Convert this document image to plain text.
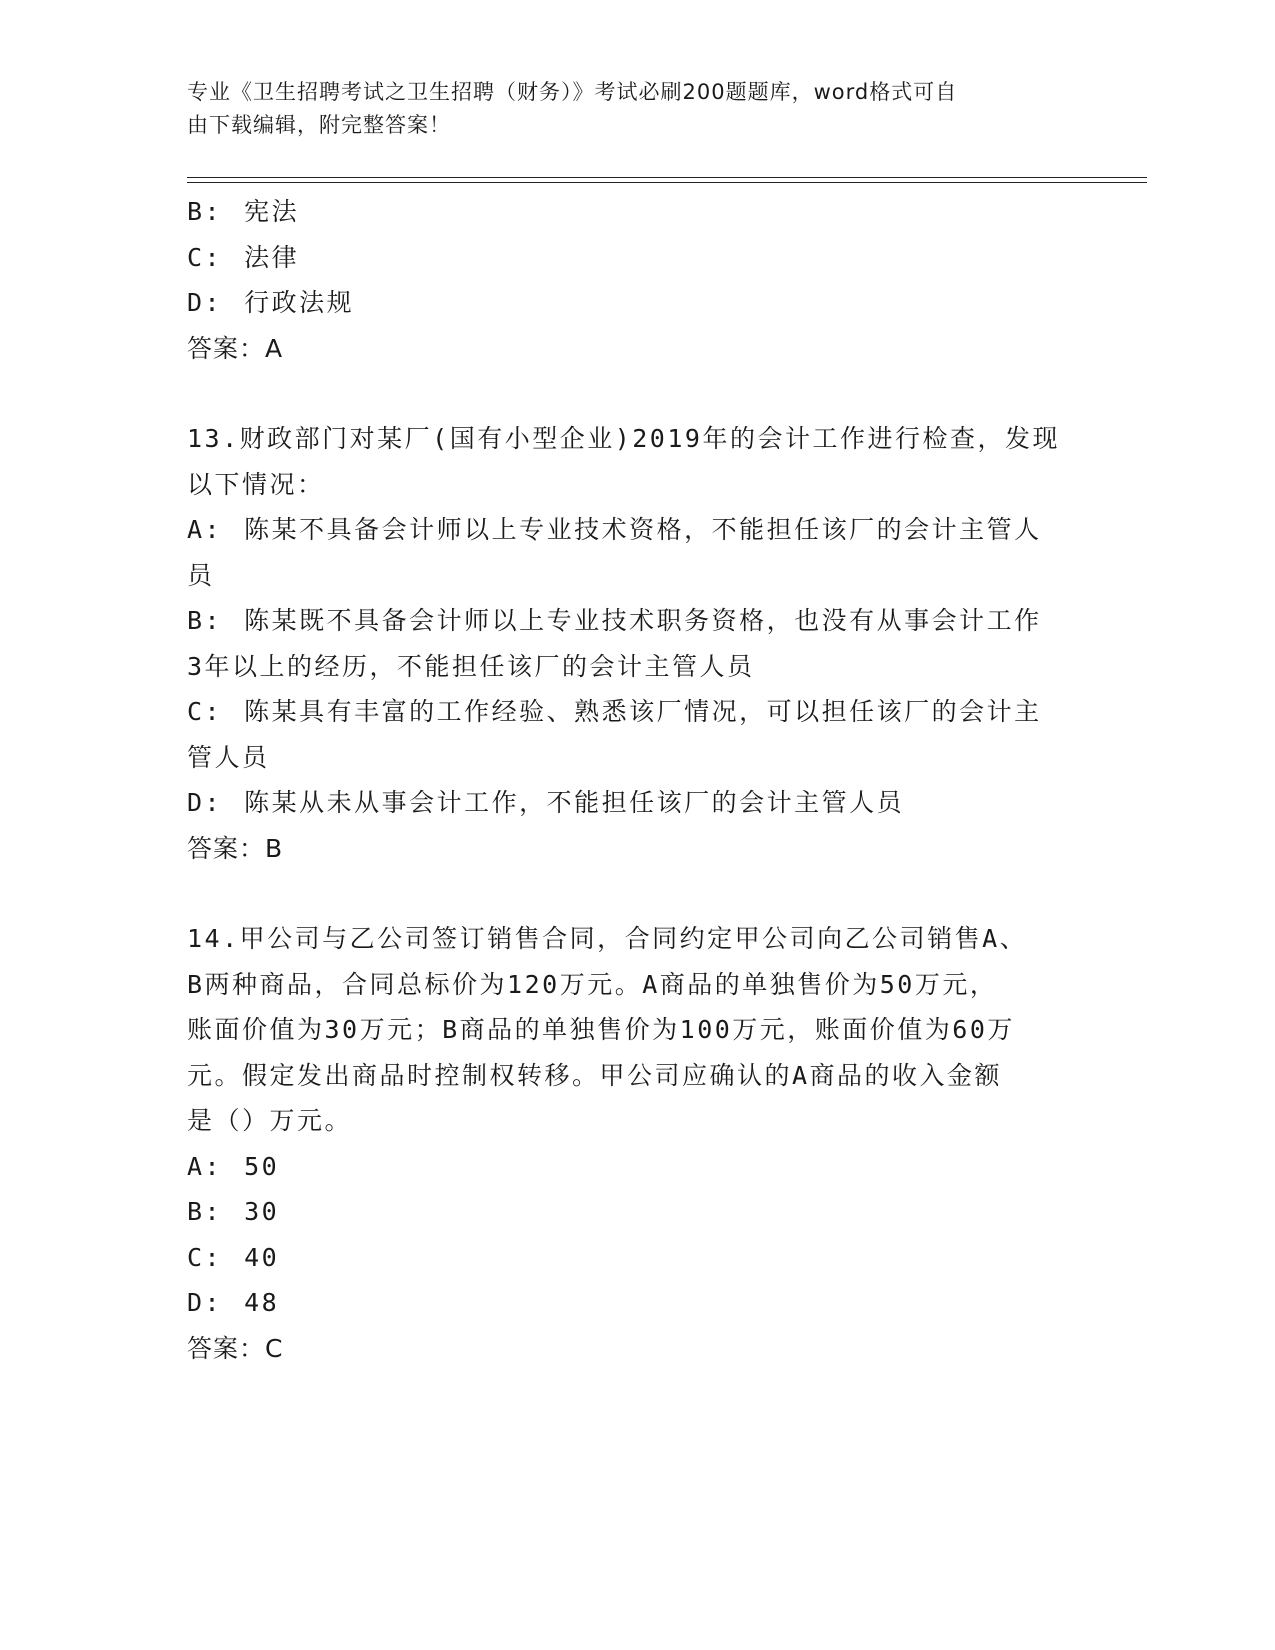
专业《卫生招聘考试之卫生招聘（财务）》考试必刷200题题库，word格式可自
由下载编辑，附完整答案！

B: 宪法

C: 法律

D: 行政法规

答案：A

13.财政部门对某厂(国有小型企业)2019年的会计工作进行检查，发现

以下情况：

A: 陈某不具备会计师以上专业技术资格，不能担任该厂的会计主管人

员

B: 陈某既不具备会计师以上专业技术职务资格，也没有从事会计工作

3年以上的经历，不能担任该厂的会计主管人员

C: 陈某具有丰富的工作经验、熟悉该厂情况，可以担任该厂的会计主

管人员

D: 陈某从未从事会计工作，不能担任该厂的会计主管人员

答案：B

14.甲公司与乙公司签订销售合同，合同约定甲公司向乙公司销售A、

B两种商品，合同总标价为120万元。A商品的单独售价为50万元，

账面价值为30万元；B商品的单独售价为100万元，账面价值为60万

元。假定发出商品时控制权转移。甲公司应确认的A商品的收入金额

是（）万元。

A: 50

B: 30

C: 40

D: 48

答案：C
